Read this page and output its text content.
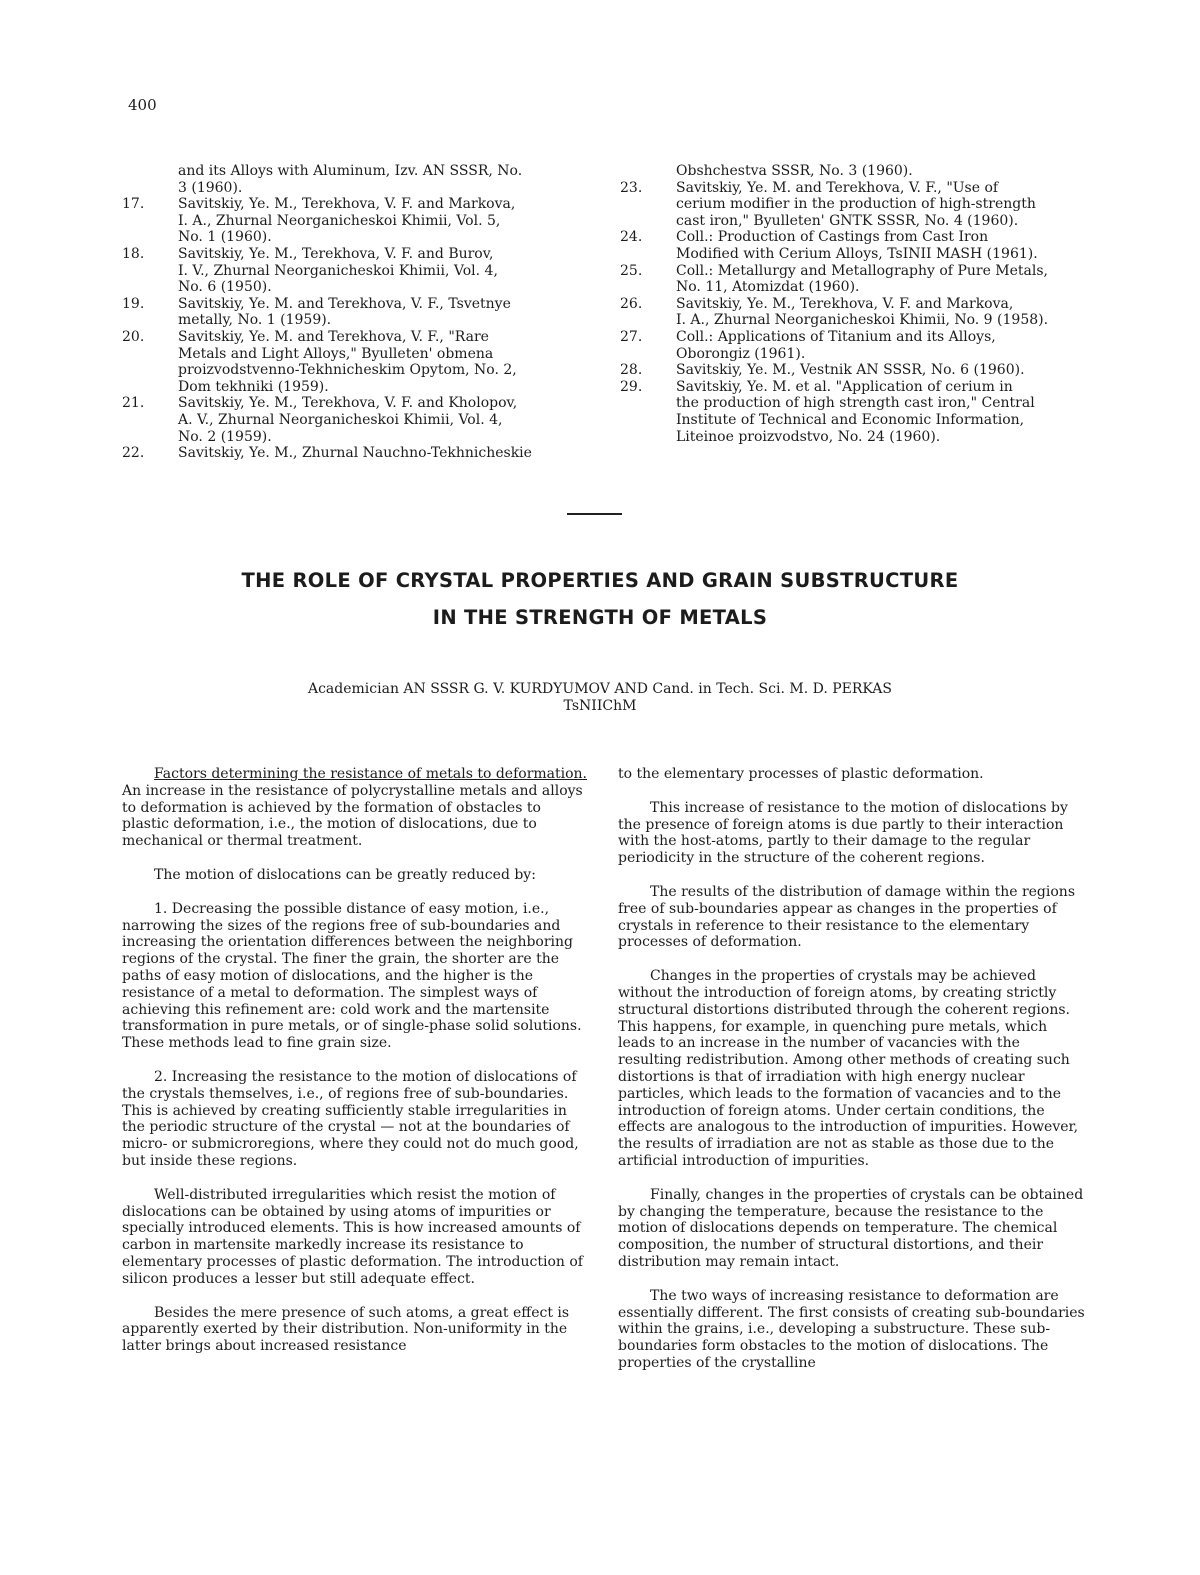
400
and its Alloys with Aluminum, Izv. AN SSSR, No.
3 (1960).
17.	Savitskiy, Ye. M., Terekhova, V. F. and Markova,
I. A., Zhurnal Neorganicheskoi Khimii, Vol. 5,
No. 1 (1960).
18.	Savitskiy, Ye. M., Terekhova, V. F. and Burov,
I. V., Zhurnal Neorganicheskoi Khimii, Vol. 4,
No. 6 (1950).
19.	Savitskiy, Ye. M. and Terekhova, V. F., Tsvetnye
metally, No. 1 (1959).
20.	Savitskiy, Ye. M. and Terekhova, V. F., "Rare
Metals and Light Alloys," Byulleten' obmena
proizvodstvenno-Tekhnicheskim Opytom, No. 2,
Dom tekhniki (1959).
21.	Savitskiy, Ye. M., Terekhova, V. F. and Kholopov,
A. V., Zhurnal Neorganicheskoi Khimii, Vol. 4,
No. 2 (1959).
22.	Savitskiy, Ye. M., Zhurnal Nauchno-Tekhnicheskie
Obshchestva SSSR, No. 3 (1960).
23.	Savitskiy, Ye. M. and Terekhova, V. F., "Use of
cerium modifier in the production of high-strength
cast iron," Byulleten' GNTK SSSR, No. 4 (1960).
24.	Coll.: Production of Castings from Cast Iron
Modified with Cerium Alloys, TsINII MASH (1961).
25.	Coll.: Metallurgy and Metallography of Pure Metals,
No. 11, Atomizdat (1960).
26.	Savitskiy, Ye. M., Terekhova, V. F. and Markova,
I. A., Zhurnal Neorganicheskoi Khimii, No. 9 (1958).
27.	Coll.: Applications of Titanium and its Alloys,
Oborongiz (1961).
28.	Savitskiy, Ye. M., Vestnik AN SSSR, No. 6 (1960).
29.	Savitskiy, Ye. M. et al. "Application of cerium in
the production of high strength cast iron," Central
Institute of Technical and Economic Information,
Liteinoe proizvodstvo, No. 24 (1960).
THE ROLE OF CRYSTAL PROPERTIES AND GRAIN SUBSTRUCTURE
IN THE STRENGTH OF METALS
Academician AN SSSR G. V. KURDYUMOV AND Cand. in Tech. Sci. M. D. PERKAS
TsNIIChM

Factors determining the resistance of metals to deformation. An increase in the resistance of polycrystalline metals and alloys to deformation is achieved by the formation of obstacles to plastic deformation, i.e., the motion of dislocations, due to mechanical or thermal treatment.

The motion of dislocations can be greatly reduced by:

1. Decreasing the possible distance of easy motion, i.e., narrowing the sizes of the regions free of sub-boundaries and increasing the orientation differences between the neighboring regions of the crystal. The finer the grain, the shorter are the paths of easy motion of dislocations, and the higher is the resistance of a metal to deformation. The simplest ways of achieving this refinement are: cold work and the martensite transformation in pure metals, or of single-phase solid solutions. These methods lead to fine grain size.

2. Increasing the resistance to the motion of dislocations of the crystals themselves, i.e., of regions free of sub-boundaries. This is achieved by creating sufficiently stable irregularities in the periodic structure of the crystal — not at the boundaries of micro- or submicroregions, where they could not do much good, but inside these regions.

Well-distributed irregularities which resist the motion of dislocations can be obtained by using atoms of impurities or specially introduced elements. This is how increased amounts of carbon in martensite markedly increase its resistance to elementary processes of plastic deformation. The introduction of silicon produces a lesser but still adequate effect.

Besides the mere presence of such atoms, a great effect is apparently exerted by their distribution. Non-uniformity in the latter brings about increased resistance

to the elementary processes of plastic deformation.

This increase of resistance to the motion of dislocations by the presence of foreign atoms is due partly to their interaction with the host-atoms, partly to their damage to the regular periodicity in the structure of the coherent regions.

The results of the distribution of damage within the regions free of sub-boundaries appear as changes in the properties of crystals in reference to their resistance to the elementary processes of deformation.

Changes in the properties of crystals may be achieved without the introduction of foreign atoms, by creating strictly structural distortions distributed through the coherent regions. This happens, for example, in quenching pure metals, which leads to an increase in the number of vacancies with the resulting redistribution. Among other methods of creating such distortions is that of irradiation with high energy nuclear particles, which leads to the formation of vacancies and to the introduction of foreign atoms. Under certain conditions, the effects are analogous to the introduction of impurities. However, the results of irradiation are not as stable as those due to the artificial introduction of impurities.

Finally, changes in the properties of crystals can be obtained by changing the temperature, because the resistance to the motion of dislocations depends on temperature. The chemical composition, the number of structural distortions, and their distribution may remain intact.

The two ways of increasing resistance to deformation are essentially different. The first consists of creating sub-boundaries within the grains, i.e., developing a substructure. These sub-boundaries form obstacles to the motion of dislocations. The properties of the crystalline
